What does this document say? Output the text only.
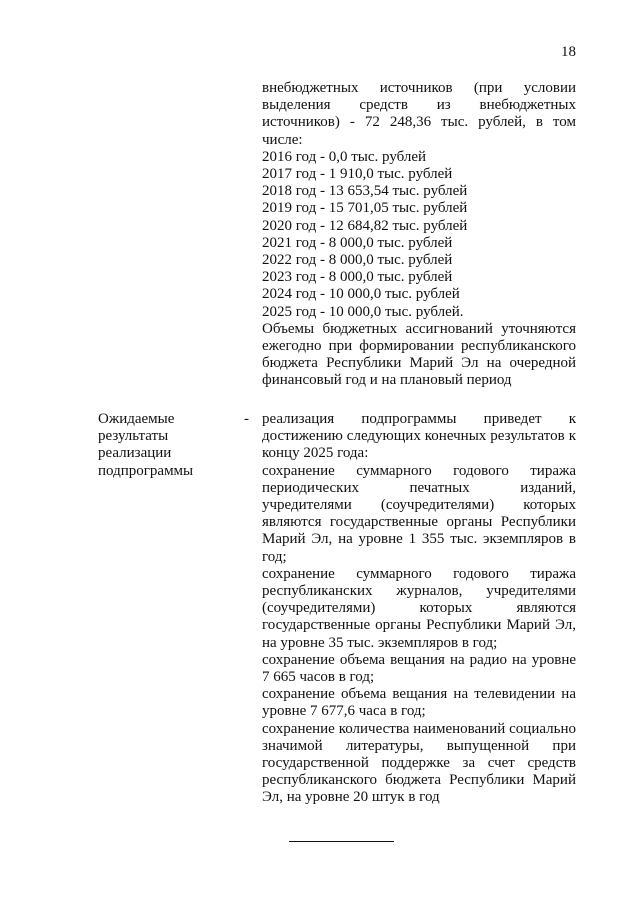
18
внебюджетных источников (при условии
выделения средств из внебюджетных
источников) - 72 248,36 тыс. рублей, в том
числе:
2016 год - 0,0 тыс. рублей
2017 год - 1 910,0 тыс. рублей
2018 год - 13 653,54 тыс. рублей
2019 год - 15 701,05 тыс. рублей
2020 год - 12 684,82 тыс. рублей
2021 год - 8 000,0 тыс. рублей
2022 год - 8 000,0 тыс. рублей
2023 год - 8 000,0 тыс. рублей
2024 год - 10 000,0 тыс. рублей
2025 год - 10 000,0 тыс. рублей.
Объемы бюджетных ассигнований уточняются ежегодно при формировании республиканского бюджета Республики Марий Эл на очередной финансовый год и на плановый период
Ожидаемые
результаты
реализации
подпрограммы
- реализация подпрограммы приведет к достижению следующих конечных результатов к концу 2025 года:
сохранение суммарного годового тиража периодических печатных изданий, учредителями (соучредителями) которых являются государственные органы Республики Марий Эл, на уровне 1 355 тыс. экземпляров в год;
сохранение суммарного годового тиража республиканских журналов, учредителями (соучредителями) которых являются государственные органы Республики Марий Эл, на уровне 35 тыс. экземпляров в год;
сохранение объема вещания на радио на уровне 7 665 часов в год;
сохранение объема вещания на телевидении на уровне 7 677,6 часа в год;
сохранение количества наименований социально значимой литературы, выпущенной при государственной поддержке за счет средств республиканского бюджета Республики Марий Эл, на уровне 20 штук в год
